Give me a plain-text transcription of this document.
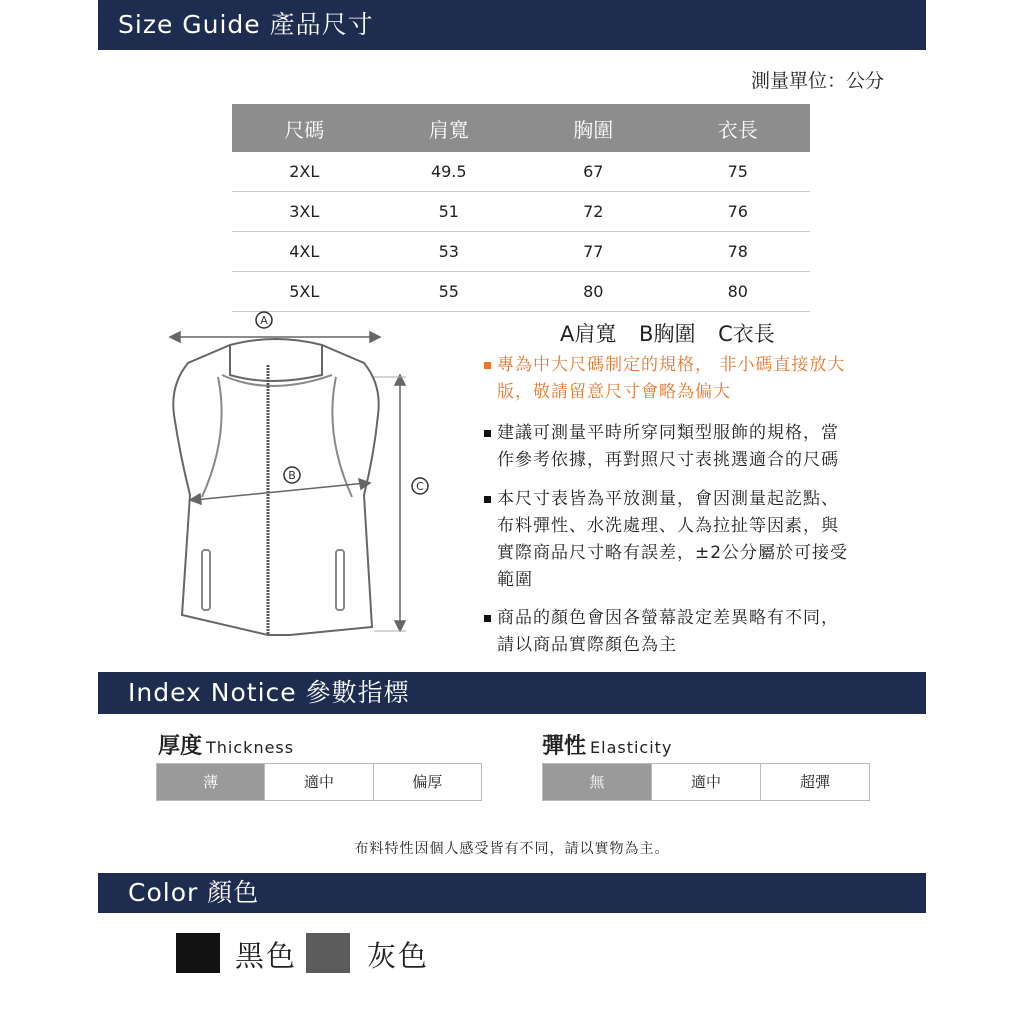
Size Guide 產品尺寸
測量單位：公分
尺碼	肩寬	胸圍	衣長
2XL	49.5	67	75
3XL	51	72	76
4XL	53	77	78
5XL	55	80	80
A
B
C
A肩寬 B胸圍 C衣長
專為中大尺碼制定的規格， 非小碼直接放大
版，敬請留意尺寸會略為偏大
建議可測量平時所穿同類型服飾的規格，當
作參考依據，再對照尺寸表挑選適合的尺碼
本尺寸表皆為平放測量，會因測量起訖點、
布料彈性、水洗處理、人為拉扯等因素，與
實際商品尺寸略有誤差，±2公分屬於可接受
範圍
商品的顏色會因各螢幕設定差異略有不同，
請以商品實際顏色為主
Index Notice 參數指標
厚度 Thickness
薄	適中	偏厚
彈性 Elasticity
無	適中	超彈
布料特性因個人感受皆有不同，請以實物為主。
Color 顏色
黑色 灰色
